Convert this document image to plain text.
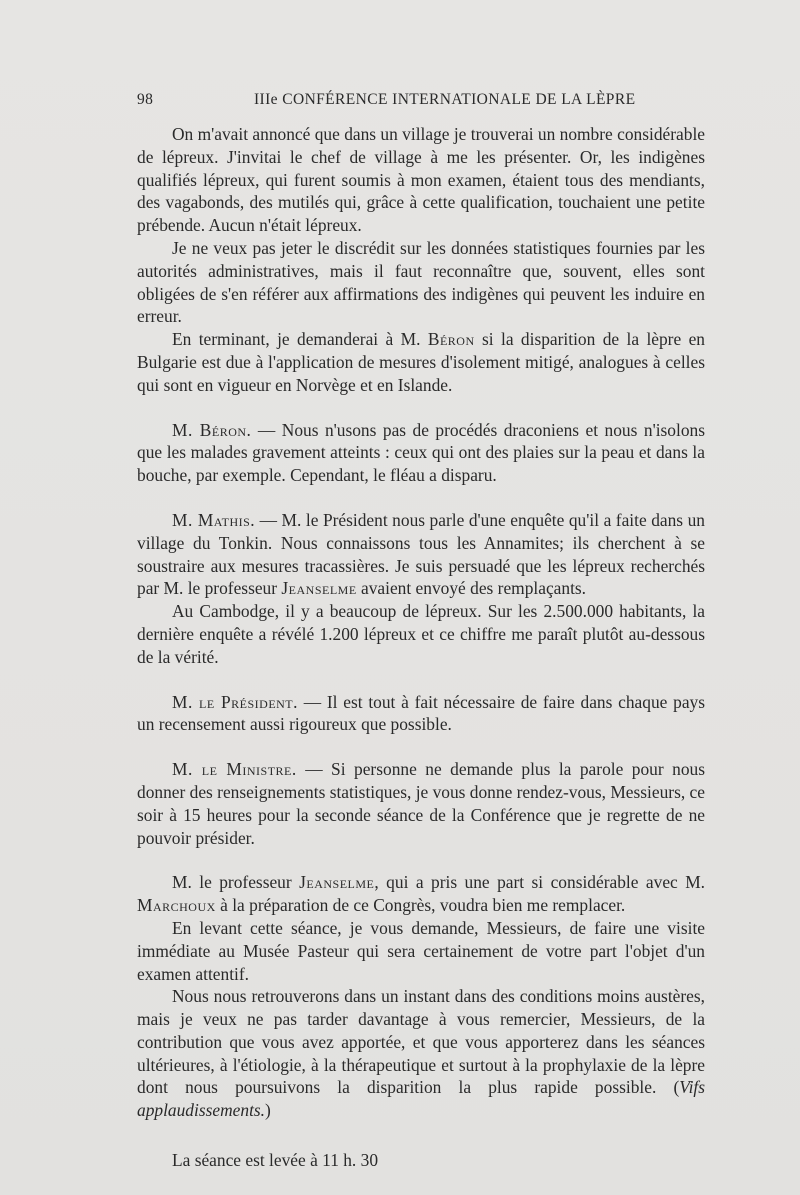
98	IIIe CONFÉRENCE INTERNATIONALE DE LA LÈPRE

On m'avait annoncé que dans un village je trouverai un nombre considérable de lépreux. J'invitai le chef de village à me les présenter. Or, les indigènes qualifiés lépreux, qui furent soumis à mon examen, étaient tous des mendiants, des vagabonds, des mutilés qui, grâce à cette qualification, touchaient une petite prébende. Aucun n'était lépreux.

Je ne veux pas jeter le discrédit sur les données statistiques fournies par les autorités administratives, mais il faut reconnaître que, souvent, elles sont obligées de s'en référer aux affirmations des indigènes qui peuvent les induire en erreur.

En terminant, je demanderai à M. Béron si la disparition de la lèpre en Bulgarie est due à l'application de mesures d'isolement mitigé, analogues à celles qui sont en vigueur en Norvège et en Islande.

M. Béron. — Nous n'usons pas de procédés draconiens et nous n'isolons que les malades gravement atteints : ceux qui ont des plaies sur la peau et dans la bouche, par exemple. Cependant, le fléau a disparu.

M. Mathis. — M. le Président nous parle d'une enquête qu'il a faite dans un village du Tonkin. Nous connaissons tous les Annamites; ils cherchent à se soustraire aux mesures tracassières. Je suis persuadé que les lépreux recherchés par M. le professeur Jeanselme avaient envoyé des remplaçants.

Au Cambodge, il y a beaucoup de lépreux. Sur les 2.500.000 habitants, la dernière enquête a révélé 1.200 lépreux et ce chiffre me paraît plutôt au-dessous de la vérité.

M. le Président. — Il est tout à fait nécessaire de faire dans chaque pays un recensement aussi rigoureux que possible.

M. le Ministre. — Si personne ne demande plus la parole pour nous donner des renseignements statistiques, je vous donne rendez-vous, Messieurs, ce soir à 15 heures pour la seconde séance de la Conférence que je regrette de ne pouvoir présider.

M. le professeur Jeanselme, qui a pris une part si considérable avec M. Marchoux à la préparation de ce Congrès, voudra bien me remplacer.

En levant cette séance, je vous demande, Messieurs, de faire une visite immédiate au Musée Pasteur qui sera certainement de votre part l'objet d'un examen attentif.

Nous nous retrouverons dans un instant dans des conditions moins austères, mais je veux ne pas tarder davantage à vous remercier, Messieurs, de la contribution que vous avez apportée, et que vous apporterez dans les séances ultérieures, à l'étiologie, à la thérapeutique et surtout à la prophylaxie de la lèpre dont nous poursuivons la disparition la plus rapide possible. (Vifs applaudissements.)

La séance est levée à 11 h. 30
